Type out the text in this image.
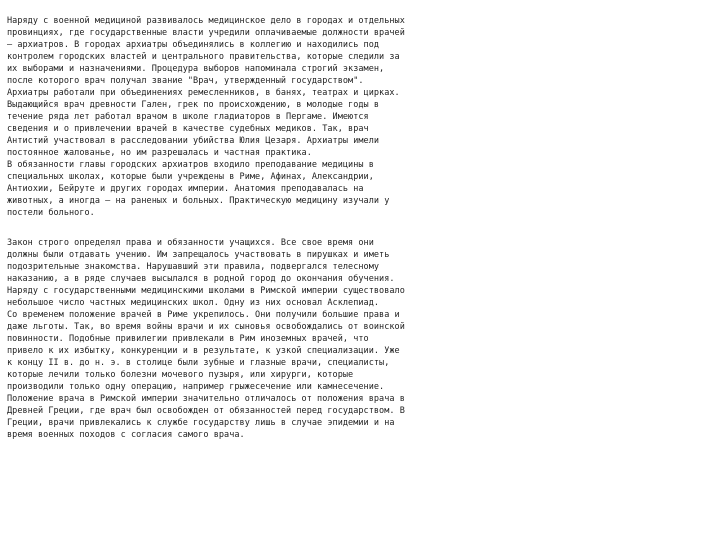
Наряду с военной медициной развивалось медицинское дело в городах и отдельных
провинциях, где государственные власти учредили оплачиваемые должности врачей
– архиатров. В городах архиатры объединялись в коллегию и находились под
контролем городских властей и центрального правительства, которые следили за
их выборами и назначениями. Процедура выборов напоминала строгий экзамен,
после которого врач получал звание "Врач, утвержденный государством".
Архиатры работали при объединениях ремесленников, в банях, театрах и цирках.
Выдающийся врач древности Гален, грек по происхождению, в молодые годы в
течение ряда лет работал врачом в школе гладиаторов в Пергаме. Имеются
сведения и о привлечении врачей в качестве судебных медиков. Так, врач
Антистий участвовал в расследовании убийства Юлия Цезаря. Архиатры имели
постоянное жалованье, но им разрешалась и частная практика.
В обязанности главы городских архиатров входило преподавание медицины в
специальных школах, которые были учреждены в Риме, Афинах, Александрии,
Антиохии, Бейруте и других городах империи. Анатомия преподавалась на
животных, а иногда – на раненых и больных. Практическую медицину изучали у
постели больного.
Закон строго определял права и обязанности учащихся. Все свое время они
должны были отдавать учению. Им запрещалось участвовать в пирушках и иметь
подозрительные знакомства. Нарушавший эти правила, подвергался телесному
наказанию, а в ряде случаев высылался в родной город до окончания обучения.
Наряду с государственными медицинскими школами в Римской империи существовало
небольшое число частных медицинских школ. Одну из них основал Асклепиад.
Со временем положение врачей в Риме укрепилось. Они получили большие права и
даже льготы. Так, во время войны врачи и их сыновья освобождались от воинской
повинности. Подобные привилегии привлекали в Рим иноземных врачей, что
привело к их избытку, конкуренции и в результате, к узкой специализации. Уже
к концу II в. до н. э. в столице были зубные и глазные врачи, специалисты,
которые лечили только болезни мочевого пузыря, или хирурги, которые
производили только одну операцию, например грыжесечение или камнесечение.
Положение врача в Римской империи значительно отличалось от положения врача в
Древней Греции, где врач был освобожден от обязанностей перед государством. В
Греции, врачи привлекались к службе государству лишь в случае эпидемии и на
время военных походов с согласия самого врача.
